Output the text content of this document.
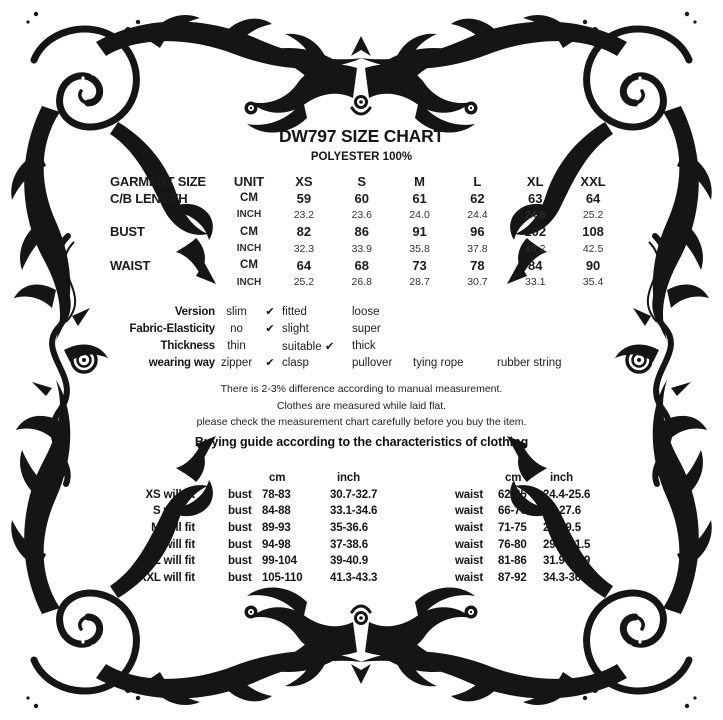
DW797 SIZE CHART
POLYESTER 100%
GARMENT SIZE	UNIT	XS	S	M	L	XL	XXL
C/B LENGTH	CM	59	60	61	62	63	64
INCH	23.2	23.6	24.0	24.4	24.8	25.2
BUST	CM	82	86	91	96	102	108
INCH	32.3	33.9	35.8	37.8	40.2	42.5
WAIST	CM	64	68	73	78	84	90
INCH	25.2	26.8	28.7	30.7	33.1	35.4
Version slim	✔ fitted	loose
Fabric-Elasticity	no	✔ slight	super
Thickness	thin	suitable ✔	thick
wearing way zipper	✔ clasp	pullover	tying rope	rubber string
There is 2-3% difference according to manual measurement.
Clothes are measured while laid flat.
please check the measurement chart carefully before you buy the item.
Buying guide according to the characteristics of clothing
cm	inch	cm	inch
XS will fit	bust 78-83	30.7-32.7	waist	62-65	24.4-25.6
S will fit	bust 84-88	33.1-34.6	waist	66-70	26-27.6
M will fit	bust 89-93	35-36.6	waist	71-75	28-29.5
L will fit	bust 94-98	37-38.6	waist	76-80	29.9-31.5
XL will fit	bust 99-104	39-40.9	waist	81-86	31.9-33.9
XXL will fit	bust 105-110	41.3-43.3	waist	87-92	34.3-36.2
